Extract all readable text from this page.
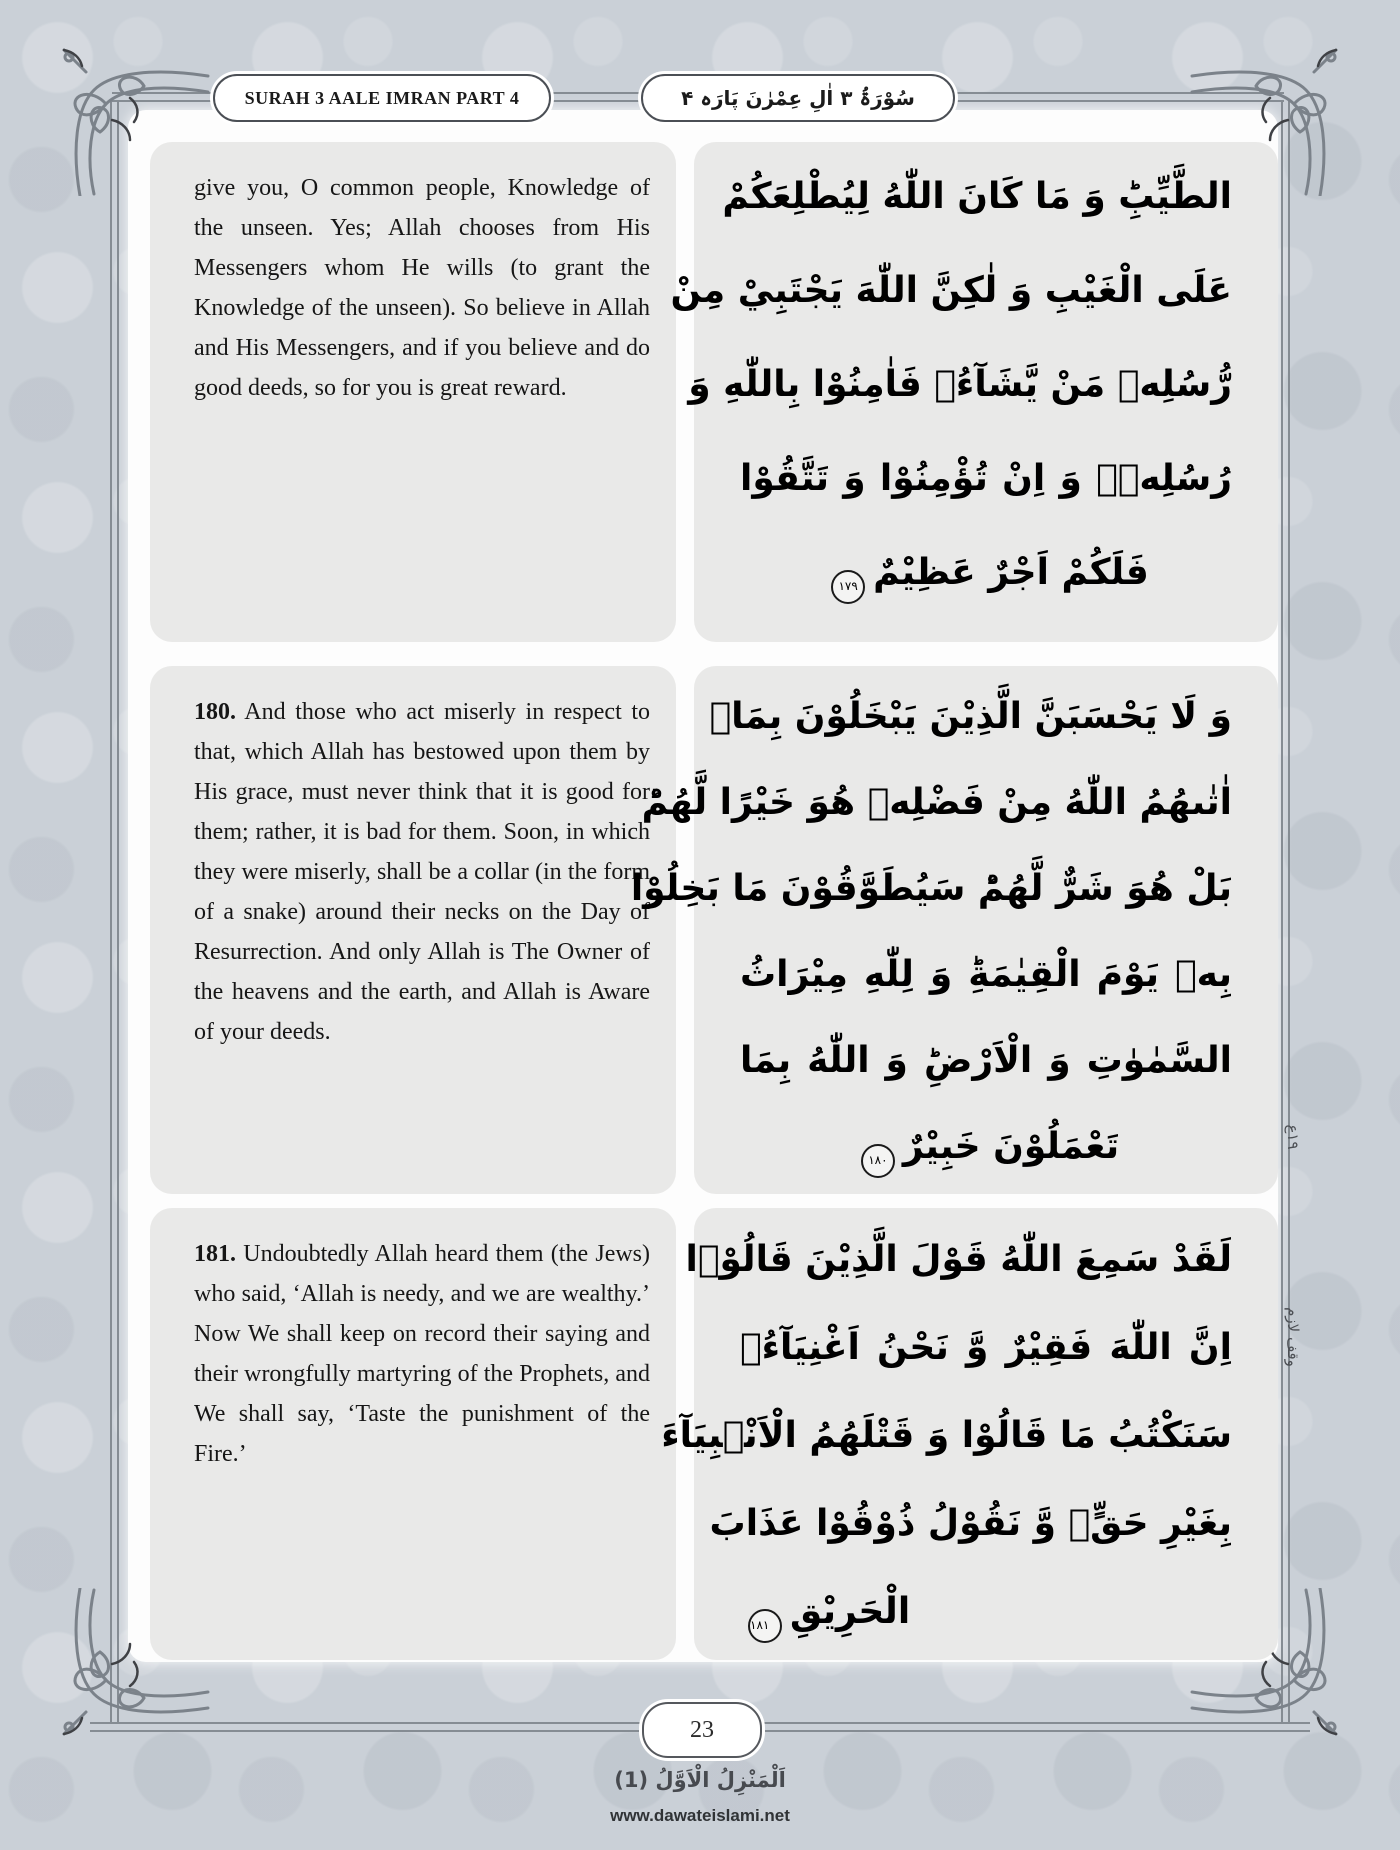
SURAH 3 AALE IMRAN PART 4	سُوْرَۃُ ۳ اٰلِ عِمْرٰنَ پَارَہ ۴

give you, O common people, Knowledge of the unseen. Yes; Allah chooses from His Messengers whom He wills (to grant the Knowledge of the unseen). So believe in Allah and His Messengers, and if you believe and do good deeds, so for you is great reward.

الطَّيِّبِؕ وَ مَا كَانَ اللّٰهُ لِيُطْلِعَكُمْ
عَلَى الْغَيْبِ وَ لٰكِنَّ اللّٰهَ يَجْتَبِيْ مِنْ
رُّسُلِهٖ مَنْ يَّشَآءُ۪ فَاٰمِنُوْا بِاللّٰهِ وَ
رُسُلِهٖۚ وَ اِنْ تُؤْمِنُوْا وَ تَتَّقُوْا
فَلَكُمْ اَجْرٌ عَظِيْمٌ۱۷۹

180. And those who act miserly in respect to that, which Allah has bestowed upon them by His grace, must never think that it is good for them; rather, it is bad for them. Soon, in which they were miserly, shall be a collar (in the form of a snake) around their necks on the Day of Resurrection. And only Allah is The Owner of the heavens and the earth, and Allah is Aware of your deeds.

وَ لَا يَحْسَبَنَّ الَّذِيْنَ يَبْخَلُوْنَ بِمَاۤ
اٰتٰىهُمُ اللّٰهُ مِنْ فَضْلِهٖ هُوَ خَيْرًا لَّهُمْؕ
بَلْ هُوَ شَرٌّ لَّهُمْؕ سَيُطَوَّقُوْنَ مَا بَخِلُوْا
بِهٖ يَوْمَ الْقِيٰمَةِؕ وَ لِلّٰهِ مِيْرَاثُ
السَّمٰوٰتِ وَ الْاَرْضِؕ وَ اللّٰهُ بِمَا
تَعْمَلُوْنَ خَبِيْرٌ۱۸۰

181. Undoubtedly Allah heard them (the Jews) who said, ‘Allah is needy, and we are wealthy.’ Now We shall keep on record their saying and their wrongfully martyring of the Prophets, and We shall say, ‘Taste the punishment of the Fire.’

لَقَدْ سَمِعَ اللّٰهُ قَوْلَ الَّذِيْنَ قَالُوْۤا
اِنَّ اللّٰهَ فَقِيْرٌ وَّ نَحْنُ اَغْنِيَآءُۘ
سَنَكْتُبُ مَا قَالُوْا وَ قَتْلَهُمُ الْاَنْۢبِيَآءَ
بِغَيْرِ حَقٍّۙ وَّ نَقُوْلُ ذُوْقُوْا عَذَابَ
الْحَرِيْقِ۱۸۱
۱۹ع
وقف لازم
23
اَلْمَنْزِلُ الْاَوَّلُ (1)
www.dawateislami.net
